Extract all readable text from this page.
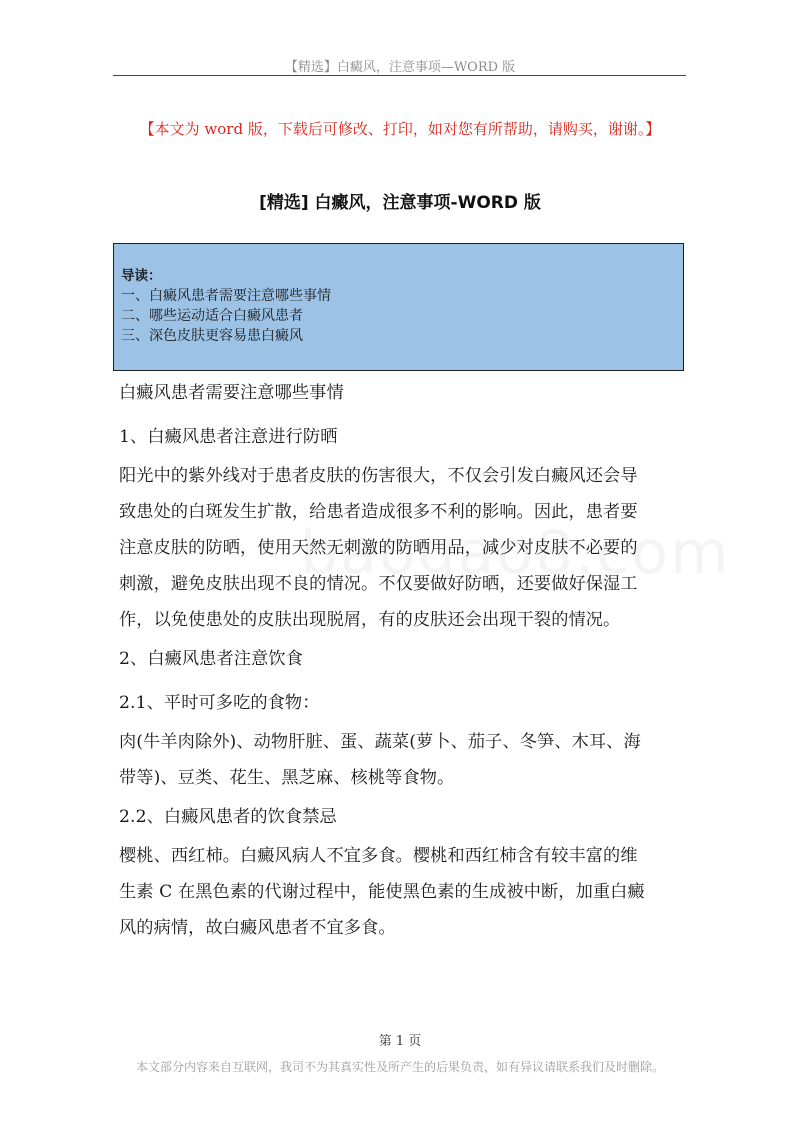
【精选】白癜风，注意事项—WORD 版
【本文为 word 版，下载后可修改、打印，如对您有所帮助，请购买，谢谢。】
[精选] 白癜风，注意事项-WORD 版
导读：
一、白癜风患者需要注意哪些事情
二、哪些运动适合白癜风患者
三、深色皮肤更容易患白癜风

白癜风患者需要注意哪些事情

1、白癜风患者注意进行防晒

阳光中的紫外线对于患者皮肤的伤害很大，不仅会引发白癜风还会导

致患处的白斑发生扩散，给患者造成很多不利的影响。因此，患者要

注意皮肤的防晒，使用天然无刺激的防晒用品，减少对皮肤不必要的

刺激，避免皮肤出现不良的情况。不仅要做好防晒，还要做好保湿工

作，以免使患处的皮肤出现脱屑，有的皮肤还会出现干裂的情况。

2、白癜风患者注意饮食

2.1、平时可多吃的食物：

肉(牛羊肉除外)、动物肝脏、蛋、蔬菜(萝卜、茄子、冬笋、木耳、海

带等)、豆类、花生、黑芝麻、核桃等食物。

2.2、白癜风患者的饮食禁忌

樱桃、西红柿。白癜风病人不宜多食。樱桃和西红柿含有较丰富的维

生素 C 在黑色素的代谢过程中，能使黑色素的生成被中断，加重白癜

风的病情，故白癜风患者不宜多食。

第 1 页
本文部分内容来自互联网，我司不为其真实性及所产生的后果负责，如有异议请联系我们及时删除。
